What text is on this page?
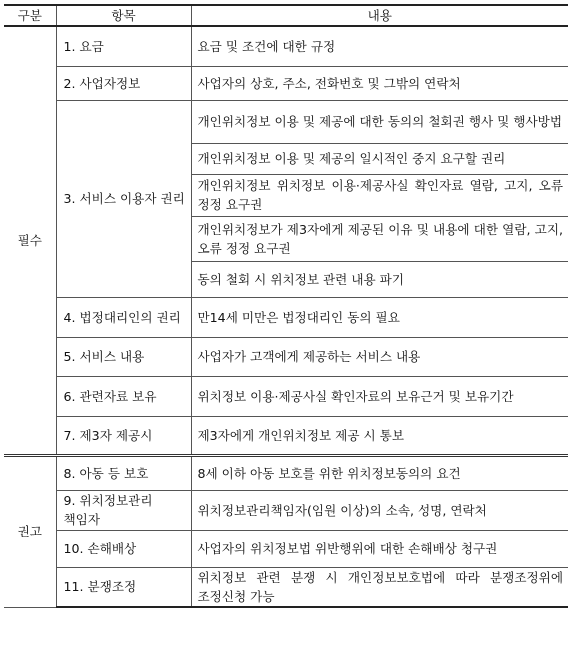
구분	항목	내용
필수	1. 요금	요금 및 조건에 대한 규정
	2. 사업자정보	사업자의 상호, 주소, 전화번호 및 그밖의 연락처
	3. 서비스 이용자 권리	개인위치정보 이용 및 제공에 대한 동의의 철회권 행사 및 행사방법
		개인위치정보 이용 및 제공의 일시적인 중지 요구할 권리
		개인위치정보 위치정보 이용·제공사실 확인자료 열람, 고지, 오류 정정 요구권
		개인위치정보가 제3자에게 제공된 이유 및 내용에 대한 열람, 고지, 오류 정정 요구권
		동의 철회 시 위치정보 관련 내용 파기
	4. 법정대리인의 권리	만14세 미만은 법정대리인 동의 필요
	5. 서비스 내용	사업자가 고객에게 제공하는 서비스 내용
	6. 관련자료 보유	위치정보 이용·제공사실 확인자료의 보유근거 및 보유기간
	7. 제3자 제공시	제3자에게 개인위치정보 제공 시 통보
권고	8. 아동 등 보호	8세 이하 아동 보호를 위한 위치정보동의의 요건
	9. 위치정보관리 책임자	위치정보관리책임자(임원 이상)의 소속, 성명, 연락처
	10. 손해배상	사업자의 위치정보법 위반행위에 대한 손해배상 청구권
	11. 분쟁조정	위치정보 관련 분쟁 시 개인정보보호법에 따라 분쟁조정위에 조정신청 가능
